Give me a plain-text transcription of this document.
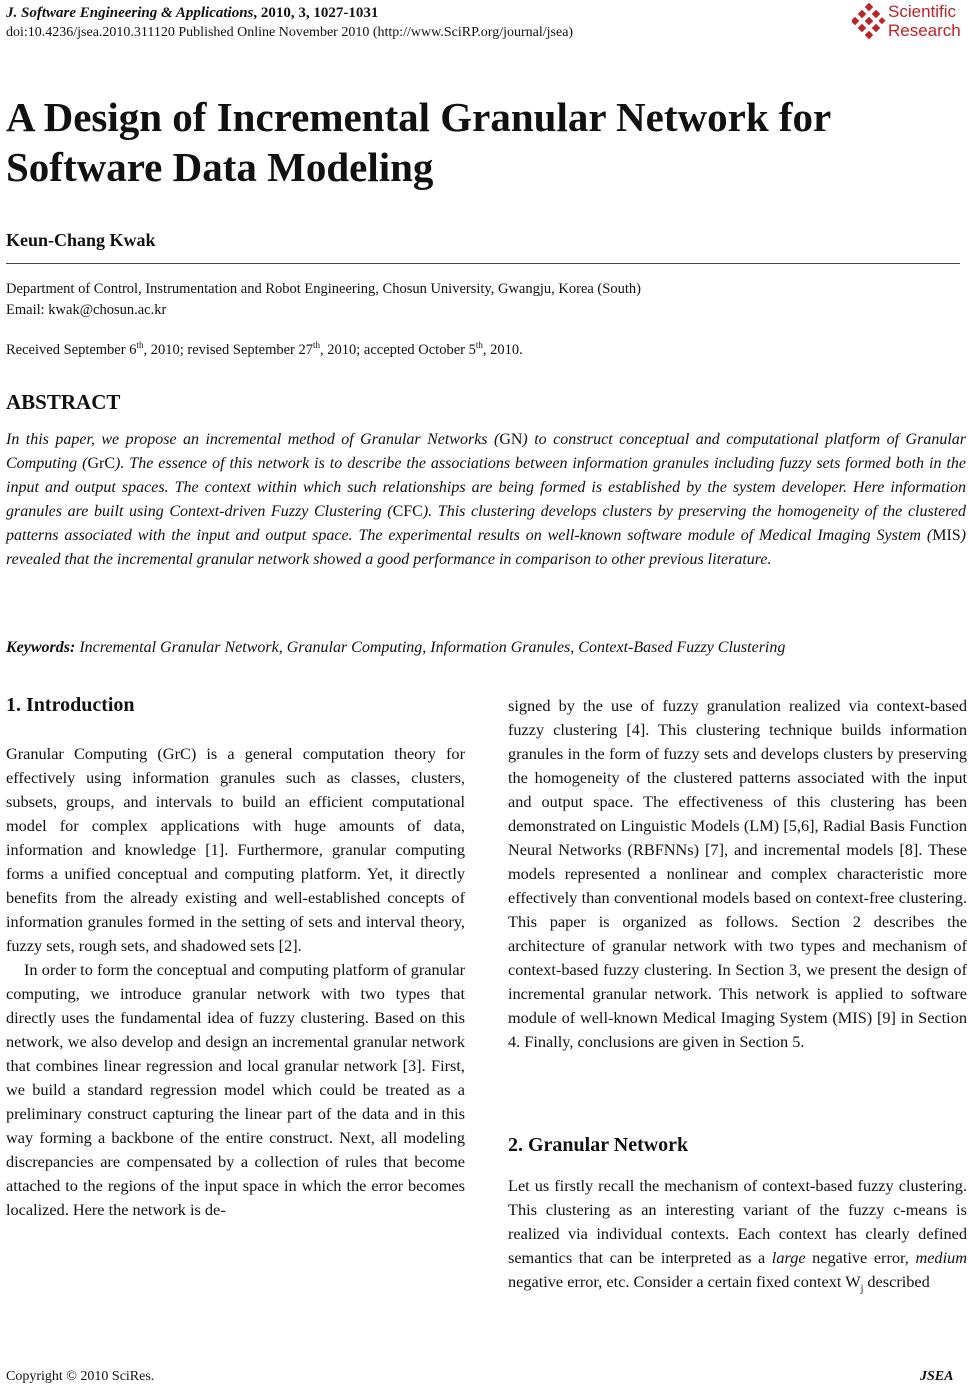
J. Software Engineering & Applications, 2010, 3, 1027-1031
doi:10.4236/jsea.2010.311120 Published Online November 2010 (http://www.SciRP.org/journal/jsea)
Scientific
Research
A Design of Incremental Granular Network for Software Data Modeling
Keun-Chang Kwak
Department of Control, Instrumentation and Robot Engineering, Chosun University, Gwangju, Korea (South)
Email: kwak@chosun.ac.kr
Received September 6th, 2010; revised September 27th, 2010; accepted October 5th, 2010.
ABSTRACT

In this paper, we propose an incremental method of Granular Networks (GN) to construct conceptual and computational platform of Granular Computing (GrC). The essence of this network is to describe the associations between information granules including fuzzy sets formed both in the input and output spaces. The context within which such relationships are being formed is established by the system developer. Here information granules are built using Context-driven Fuzzy Clustering (CFC). This clustering develops clusters by preserving the homogeneity of the clustered patterns associated with the input and output space. The experimental results on well-known software module of Medical Imaging System (MIS) revealed that the incremental granular network showed a good performance in comparison to other previous literature.

Keywords: Incremental Granular Network, Granular Computing, Information Granules, Context-Based Fuzzy Clustering
1. Introduction

Granular Computing (GrC) is a general computation theory for effectively using information granules such as classes, clusters, subsets, groups, and intervals to build an efficient computational model for complex applications with huge amounts of data, information and knowledge [1]. Furthermore, granular computing forms a unified conceptual and computing platform. Yet, it directly benefits from the already existing and well-established concepts of information granules formed in the setting of sets and interval theory, fuzzy sets, rough sets, and shadowed sets [2].

In order to form the conceptual and computing platform of granular computing, we introduce granular network with two types that directly uses the fundamental idea of fuzzy clustering. Based on this network, we also develop and design an incremental granular network that combines linear regression and local granular network [3]. First, we build a standard regression model which could be treated as a preliminary construct capturing the linear part of the data and in this way forming a backbone of the entire construct. Next, all modeling discrepancies are compensated by a collection of rules that become attached to the regions of the input space in which the error becomes localized. Here the network is de-

signed by the use of fuzzy granulation realized via context-based fuzzy clustering [4]. This clustering technique builds information granules in the form of fuzzy sets and develops clusters by preserving the homogeneity of the clustered patterns associated with the input and output space. The effectiveness of this clustering has been demonstrated on Linguistic Models (LM) [5,6], Radial Basis Function Neural Networks (RBFNNs) [7], and incremental models [8]. These models represented a nonlinear and complex characteristic more effectively than conventional models based on context-free clustering. This paper is organized as follows. Section 2 describes the architecture of granular network with two types and mechanism of context-based fuzzy clustering. In Section 3, we present the design of incremental granular network. This network is applied to software module of well-known Medical Imaging System (MIS) [9] in Section 4. Finally, conclusions are given in Section 5.

2. Granular Network

Let us firstly recall the mechanism of context-based fuzzy clustering. This clustering as an interesting variant of the fuzzy c-means is realized via individual contexts. Each context has clearly defined semantics that can be interpreted as a large negative error, medium negative error, etc. Consider a certain fixed context $W_j$ described

Copyright © 2010 SciRes.	JSEA
